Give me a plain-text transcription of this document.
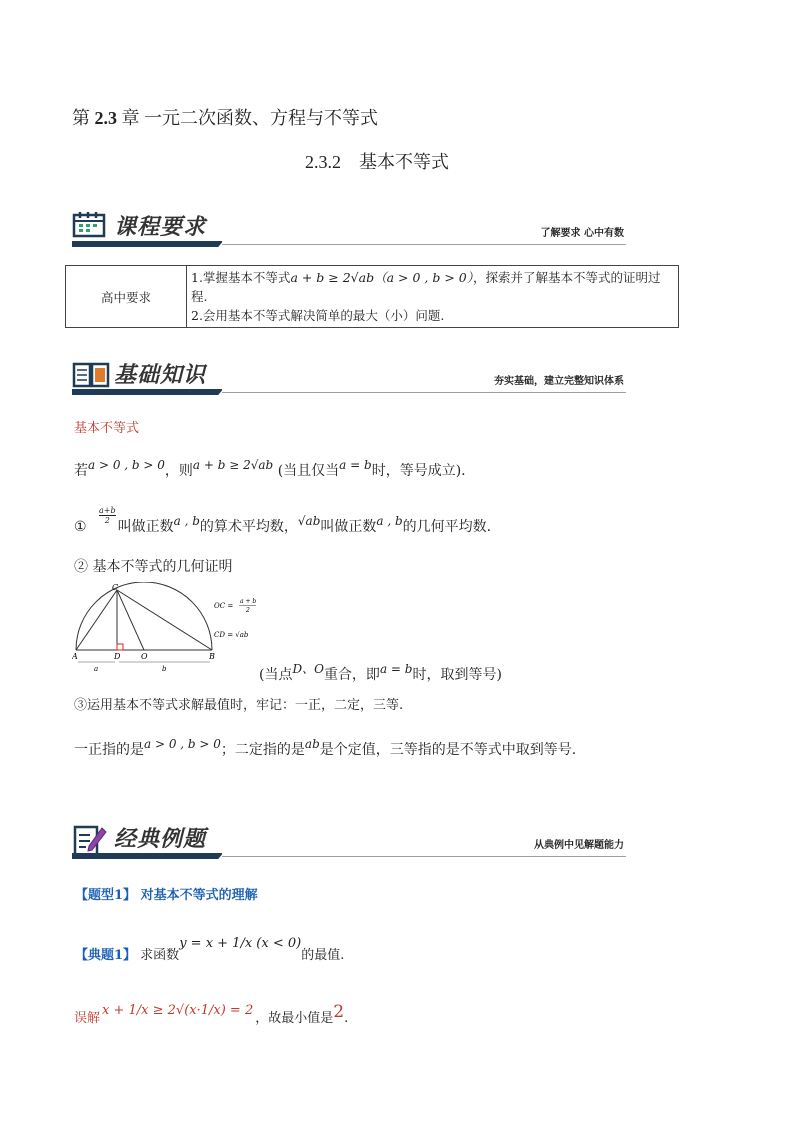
第 2.3 章 一元二次函数、方程与不等式
2.3.2　基本不等式
课程要求	了解要求 心中有数
高中要求	1.掌握基本不等式a + b ≥ 2√ab（a > 0 , b > 0），探索并了解基本不等式的证明过程.
2.会用基本不等式解决简单的最大（小）问题.
基础知识	夯实基础，建立完整知识体系
基本不等式
若a > 0 , b > 0，则a + b ≥ 2√ab (当且仅当a = b时，等号成立).
①
$\frac{a+b}{2}$
叫做正数a , b的算术平均数，√ab叫做正数a , b的几何平均数.
② 基本不等式的几何证明
C
A	D	O	B
a	b
OC =
a + b
2
CD = √ab
(当点D、O重合，即a = b时，取到等号)
③运用基本不等式求解最值时，牢记：一正，二定，三等.
一正指的是a > 0 , b > 0；二定指的是ab是个定值，三等指的是不等式中取到等号.
经典例题	从典例中见解题能力
【题型1】 对基本不等式的理解
【典题1】 求函数y = x + 1/x (x < 0)的最值.
误解x + 1/x ≥ 2√(x·1/x) = 2，故最小值是2.
